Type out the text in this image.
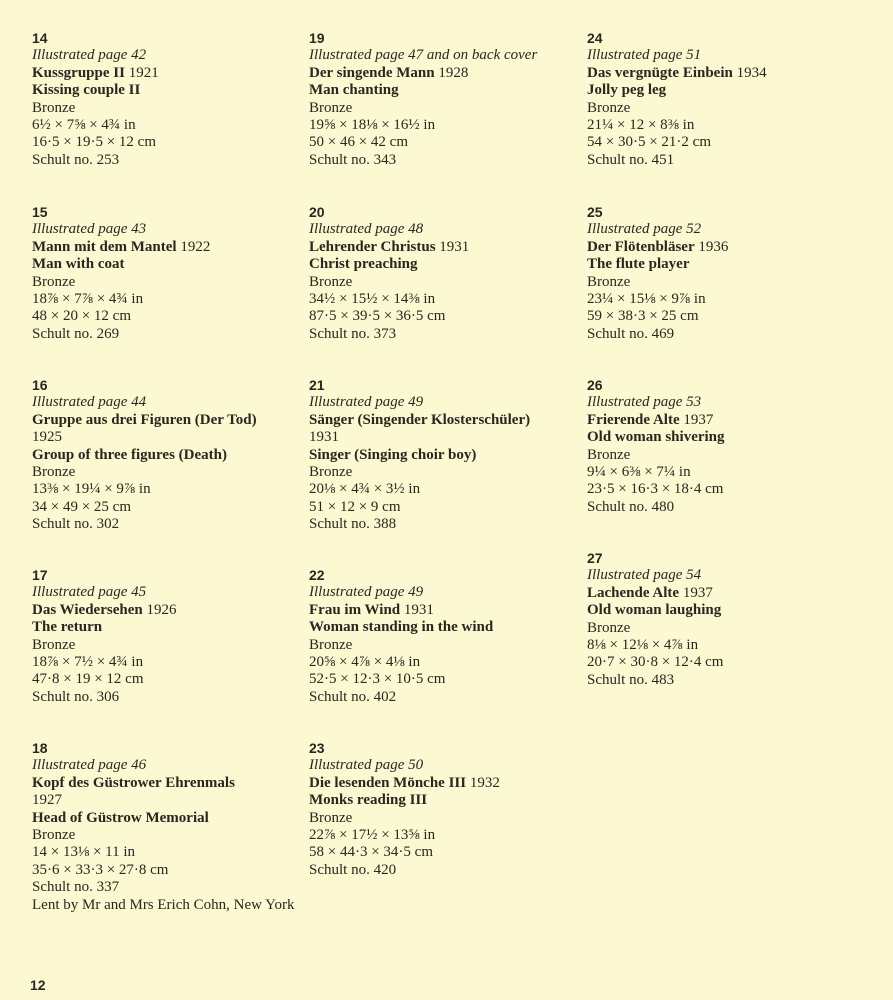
14
Illustrated page 42
Kussgruppe II 1921
Kissing couple II
Bronze
6½ × 7⅝ × 4¾ in
16·5 × 19·5 × 12 cm
Schult no. 253
15
Illustrated page 43
Mann mit dem Mantel 1922
Man with coat
Bronze
18⅞ × 7⅞ × 4¾ in
48 × 20 × 12 cm
Schult no. 269
16
Illustrated page 44
Gruppe aus drei Figuren (Der Tod)
1925
Group of three figures (Death)
Bronze
13⅜ × 19¼ × 9⅞ in
34 × 49 × 25 cm
Schult no. 302
17
Illustrated page 45
Das Wiedersehen 1926
The return
Bronze
18⅞ × 7½ × 4¾ in
47·8 × 19 × 12 cm
Schult no. 306
18
Illustrated page 46
Kopf des Güstrower Ehrenmals
1927
Head of Güstrow Memorial
Bronze
14 × 13⅛ × 11 in
35·6 × 33·3 × 27·8 cm
Schult no. 337
Lent by Mr and Mrs Erich Cohn, New York
19
Illustrated page 47 and on back cover
Der singende Mann 1928
Man chanting
Bronze
19⅝ × 18⅛ × 16½ in
50 × 46 × 42 cm
Schult no. 343
20
Illustrated page 48
Lehrender Christus 1931
Christ preaching
Bronze
34½ × 15½ × 14⅜ in
87·5 × 39·5 × 36·5 cm
Schult no. 373
21
Illustrated page 49
Sänger (Singender Klosterschüler)
1931
Singer (Singing choir boy)
Bronze
20⅛ × 4¾ × 3½ in
51 × 12 × 9 cm
Schult no. 388
22
Illustrated page 49
Frau im Wind 1931
Woman standing in the wind
Bronze
20⅝ × 4⅞ × 4⅛ in
52·5 × 12·3 × 10·5 cm
Schult no. 402
23
Illustrated page 50
Die lesenden Mönche III 1932
Monks reading III
Bronze
22⅞ × 17½ × 13⅝ in
58 × 44·3 × 34·5 cm
Schult no. 420
24
Illustrated page 51
Das vergnügte Einbein 1934
Jolly peg leg
Bronze
21¼ × 12 × 8⅜ in
54 × 30·5 × 21·2 cm
Schult no. 451
25
Illustrated page 52
Der Flötenbläser 1936
The flute player
Bronze
23¼ × 15⅛ × 9⅞ in
59 × 38·3 × 25 cm
Schult no. 469
26
Illustrated page 53
Frierende Alte 1937
Old woman shivering
Bronze
9¼ × 6⅜ × 7¼ in
23·5 × 16·3 × 18·4 cm
Schult no. 480
27
Illustrated page 54
Lachende Alte 1937
Old woman laughing
Bronze
8⅛ × 12⅛ × 4⅞ in
20·7 × 30·8 × 12·4 cm
Schult no. 483
12
